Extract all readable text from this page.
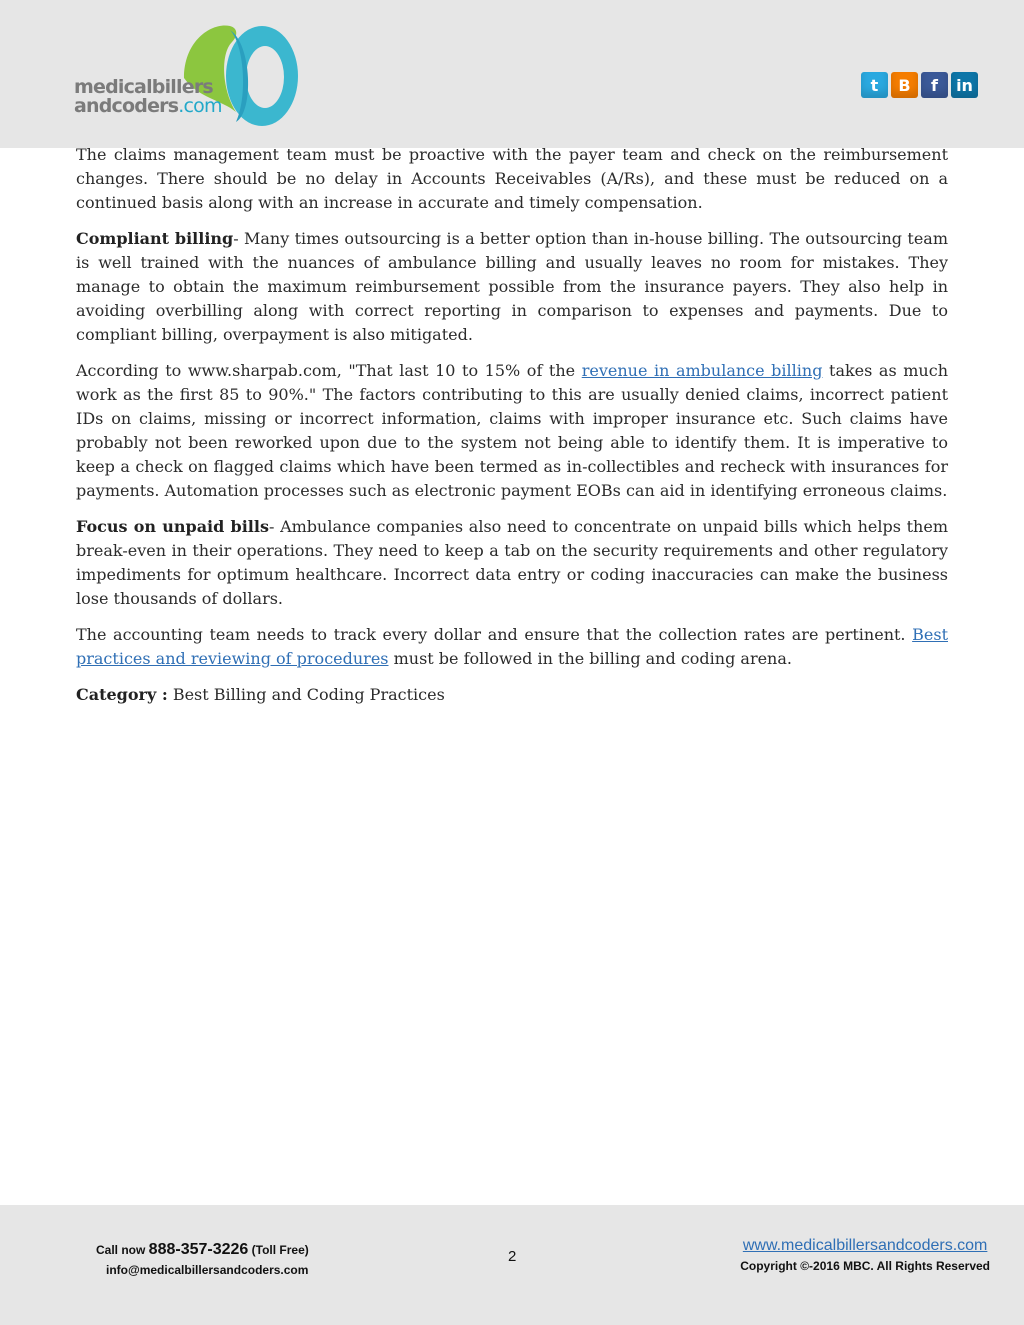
medicalbillers
andcoders.com
t	B	f	in

The claims management team must be proactive with the payer team and check on the reimbursement changes. There should be no delay in Accounts Receivables (A/Rs), and these must be reduced on a continued basis along with an increase in accurate and timely compensation.

Compliant billing- Many times outsourcing is a better option than in-house billing. The outsourcing team is well trained with the nuances of ambulance billing and usually leaves no room for mistakes. They manage to obtain the maximum reimbursement possible from the insurance payers. They also help in avoiding overbilling along with correct reporting in comparison to expenses and payments. Due to compliant billing, overpayment is also mitigated.

According to www.sharpab.com, "That last 10 to 15% of the revenue in ambulance billing takes as much work as the first 85 to 90%." The factors contributing to this are usually denied claims, incorrect patient IDs on claims, missing or incorrect information, claims with improper insurance etc. Such claims have probably not been reworked upon due to the system not being able to identify them. It is imperative to keep a check on flagged claims which have been termed as in-collectibles and recheck with insurances for payments. Automation processes such as electronic payment EOBs can aid in identifying erroneous claims.

Focus on unpaid bills- Ambulance companies also need to concentrate on unpaid bills which helps them break-even in their operations. They need to keep a tab on the security requirements and other regulatory impediments for optimum healthcare. Incorrect data entry or coding inaccuracies can make the business lose thousands of dollars.

The accounting team needs to track every dollar and ensure that the collection rates are pertinent. Best practices and reviewing of procedures must be followed in the billing and coding arena.

Category : Best Billing and Coding Practices

Call now 888-357-3226 (Toll Free)
info@medicalbillersandcoders.com
2
www.medicalbillersandcoders.com
Copyright ©-2016 MBC. All Rights Reserved
